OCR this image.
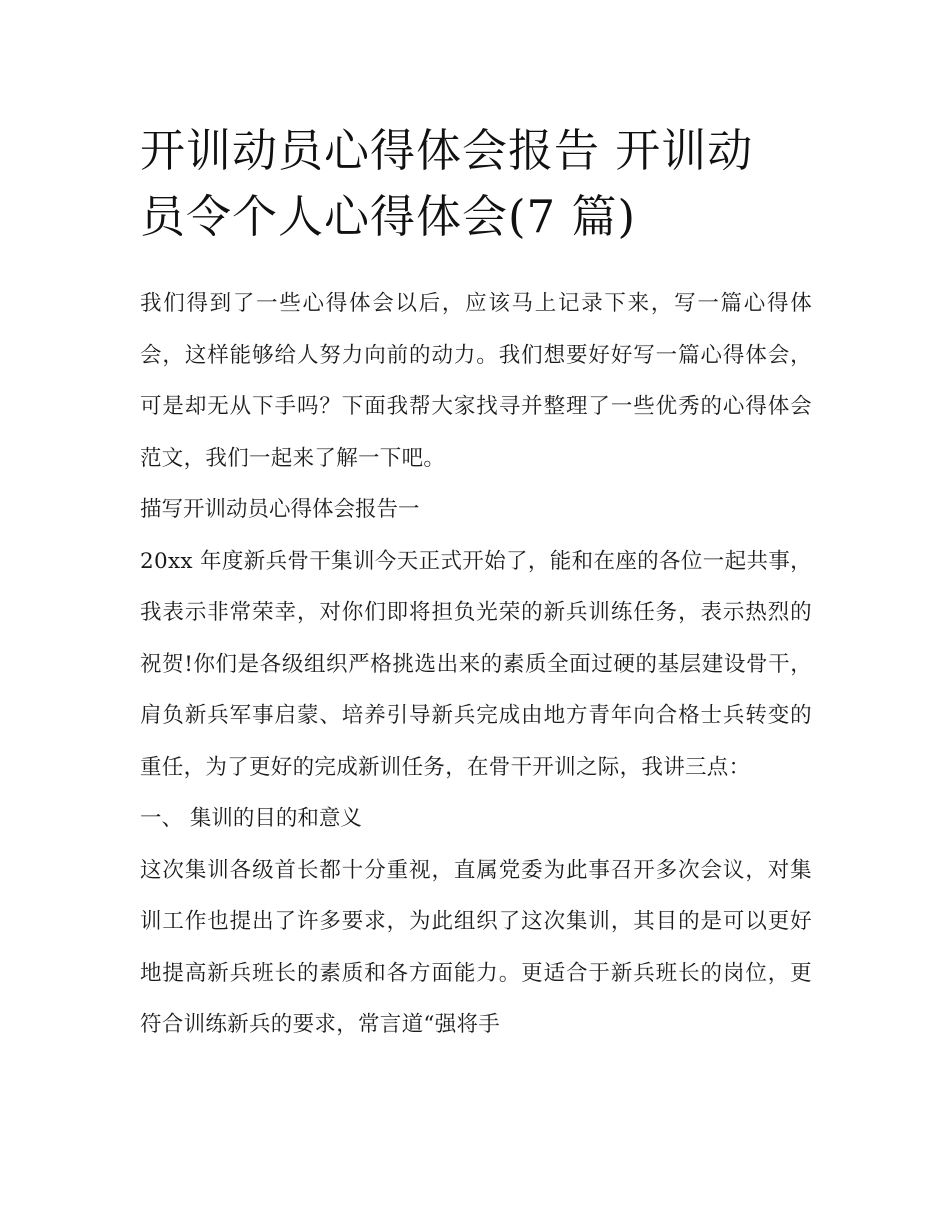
开训动员心得体会报告 开训动
员令个人心得体会(7 篇)

我们得到了一些心得体会以后，应该马上记录下来，写一篇心得体会，这样能够给人努力向前的动力。我们想要好好写一篇心得体会，可是却无从下手吗？下面我帮大家找寻并整理了一些优秀的心得体会范文，我们一起来了解一下吧。

描写开训动员心得体会报告一

20xx 年度新兵骨干集训今天正式开始了，能和在座的各位一起共事，我表示非常荣幸，对你们即将担负光荣的新兵训练任务，表示热烈的祝贺!你们是各级组织严格挑选出来的素质全面过硬的基层建设骨干，肩负新兵军事启蒙、培养引导新兵完成由地方青年向合格士兵转变的重任，为了更好的完成新训任务，在骨干开训之际，我讲三点：

一、 集训的目的和意义

这次集训各级首长都十分重视，直属党委为此事召开多次会议，对集训工作也提出了许多要求，为此组织了这次集训，其目的是可以更好地提高新兵班长的素质和各方面能力。更适合于新兵班长的岗位，更符合训练新兵的要求，常言道“强将手
